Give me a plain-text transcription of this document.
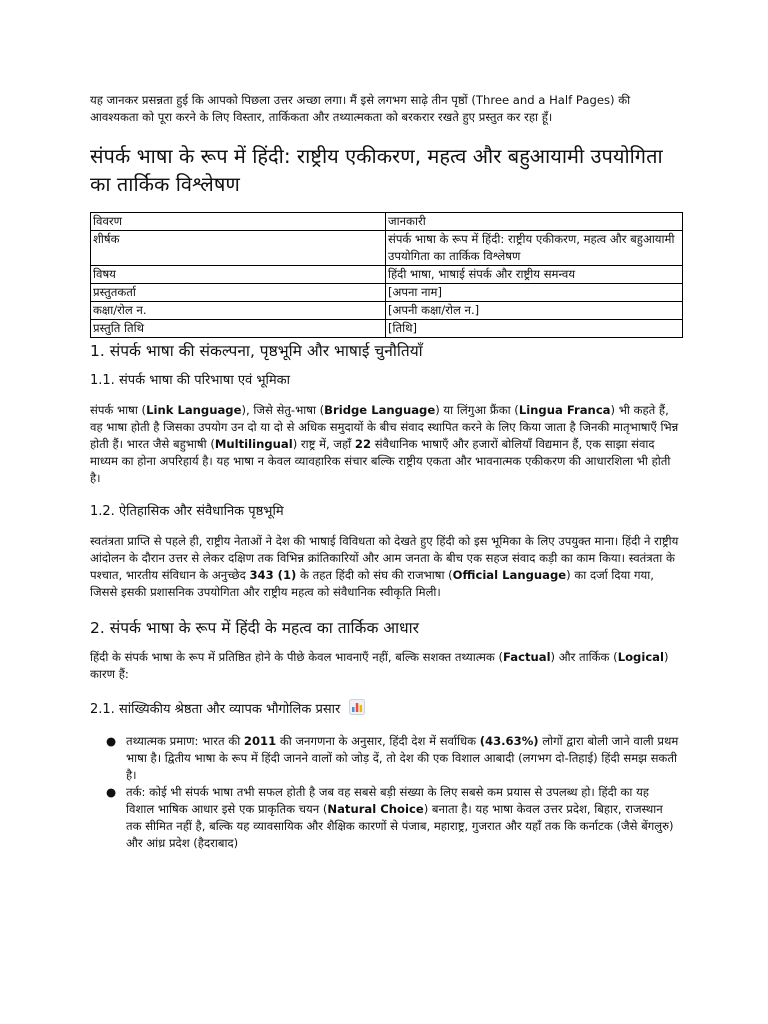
यह जानकर प्रसन्नता हुई कि आपको पिछला उत्तर अच्छा लगा। मैं इसे लगभग साढ़े तीन पृष्ठों (Three and a Half Pages) की आवश्यकता को पूरा करने के लिए विस्तार, तार्किकता और तथ्यात्मकता को बरकरार रखते हुए प्रस्तुत कर रहा हूँ।

संपर्क भाषा के रूप में हिंदी: राष्ट्रीय एकीकरण, महत्व और बहुआयामी उपयोगिता का तार्किक विश्लेषण
विवरण	जानकारी
शीर्षक	संपर्क भाषा के रूप में हिंदी: राष्ट्रीय एकीकरण, महत्व और बहुआयामी उपयोगिता का तार्किक विश्लेषण
विषय	हिंदी भाषा, भाषाई संपर्क और राष्ट्रीय समन्वय
प्रस्तुतकर्ता	[अपना नाम]
कक्षा/रोल न.	[अपनी कक्षा/रोल न.]
प्रस्तुति तिथि	[तिथि]
1. संपर्क भाषा की संकल्पना, पृष्ठभूमि और भाषाई चुनौतियाँ
1.1. संपर्क भाषा की परिभाषा एवं भूमिका

संपर्क भाषा (Link Language), जिसे सेतु-भाषा (Bridge Language) या लिंगुआ फ्रैंका (Lingua Franca) भी कहते हैं, वह भाषा होती है जिसका उपयोग उन दो या दो से अधिक समुदायों के बीच संवाद स्थापित करने के लिए किया जाता है जिनकी मातृभाषाएँ भिन्न होती हैं। भारत जैसे बहुभाषी (Multilingual) राष्ट्र में, जहाँ 22 संवैधानिक भाषाएँ और हजारों बोलियाँ विद्यमान हैं, एक साझा संवाद माध्यम का होना अपरिहार्य है। यह भाषा न केवल व्यावहारिक संचार बल्कि राष्ट्रीय एकता और भावनात्मक एकीकरण की आधारशिला भी होती है।

1.2. ऐतिहासिक और संवैधानिक पृष्ठभूमि

स्वतंत्रता प्राप्ति से पहले ही, राष्ट्रीय नेताओं ने देश की भाषाई विविधता को देखते हुए हिंदी को इस भूमिका के लिए उपयुक्त माना। हिंदी ने राष्ट्रीय आंदोलन के दौरान उत्तर से लेकर दक्षिण तक विभिन्न क्रांतिकारियों और आम जनता के बीच एक सहज संवाद कड़ी का काम किया। स्वतंत्रता के पश्चात, भारतीय संविधान के अनुच्छेद 343 (1) के तहत हिंदी को संघ की राजभाषा (Official Language) का दर्जा दिया गया, जिससे इसकी प्रशासनिक उपयोगिता और राष्ट्रीय महत्व को संवैधानिक स्वीकृति मिली।

2. संपर्क भाषा के रूप में हिंदी के महत्व का तार्किक आधार

हिंदी के संपर्क भाषा के रूप में प्रतिष्ठित होने के पीछे केवल भावनाएँ नहीं, बल्कि सशक्त तथ्यात्मक (Factual) और तार्किक (Logical) कारण हैं:

2.1. सांख्यिकीय श्रेष्ठता और व्यापक भौगोलिक प्रसार
● तथ्यात्मक प्रमाण: भारत की 2011 की जनगणना के अनुसार, हिंदी देश में सर्वाधिक (43.63%) लोगों द्वारा बोली जाने वाली प्रथम भाषा है। द्वितीय भाषा के रूप में हिंदी जानने वालों को जोड़ दें, तो देश की एक विशाल आबादी (लगभग दो-तिहाई) हिंदी समझ सकती है।
● तर्क: कोई भी संपर्क भाषा तभी सफल होती है जब वह सबसे बड़ी संख्या के लिए सबसे कम प्रयास से उपलब्ध हो। हिंदी का यह विशाल भाषिक आधार इसे एक प्राकृतिक चयन (Natural Choice) बनाता है। यह भाषा केवल उत्तर प्रदेश, बिहार, राजस्थान तक सीमित नहीं है, बल्कि यह व्यावसायिक और शैक्षिक कारणों से पंजाब, महाराष्ट्र, गुजरात और यहाँ तक कि कर्नाटक (जैसे बेंगलुरु) और आंध्र प्रदेश (हैदराबाद)
